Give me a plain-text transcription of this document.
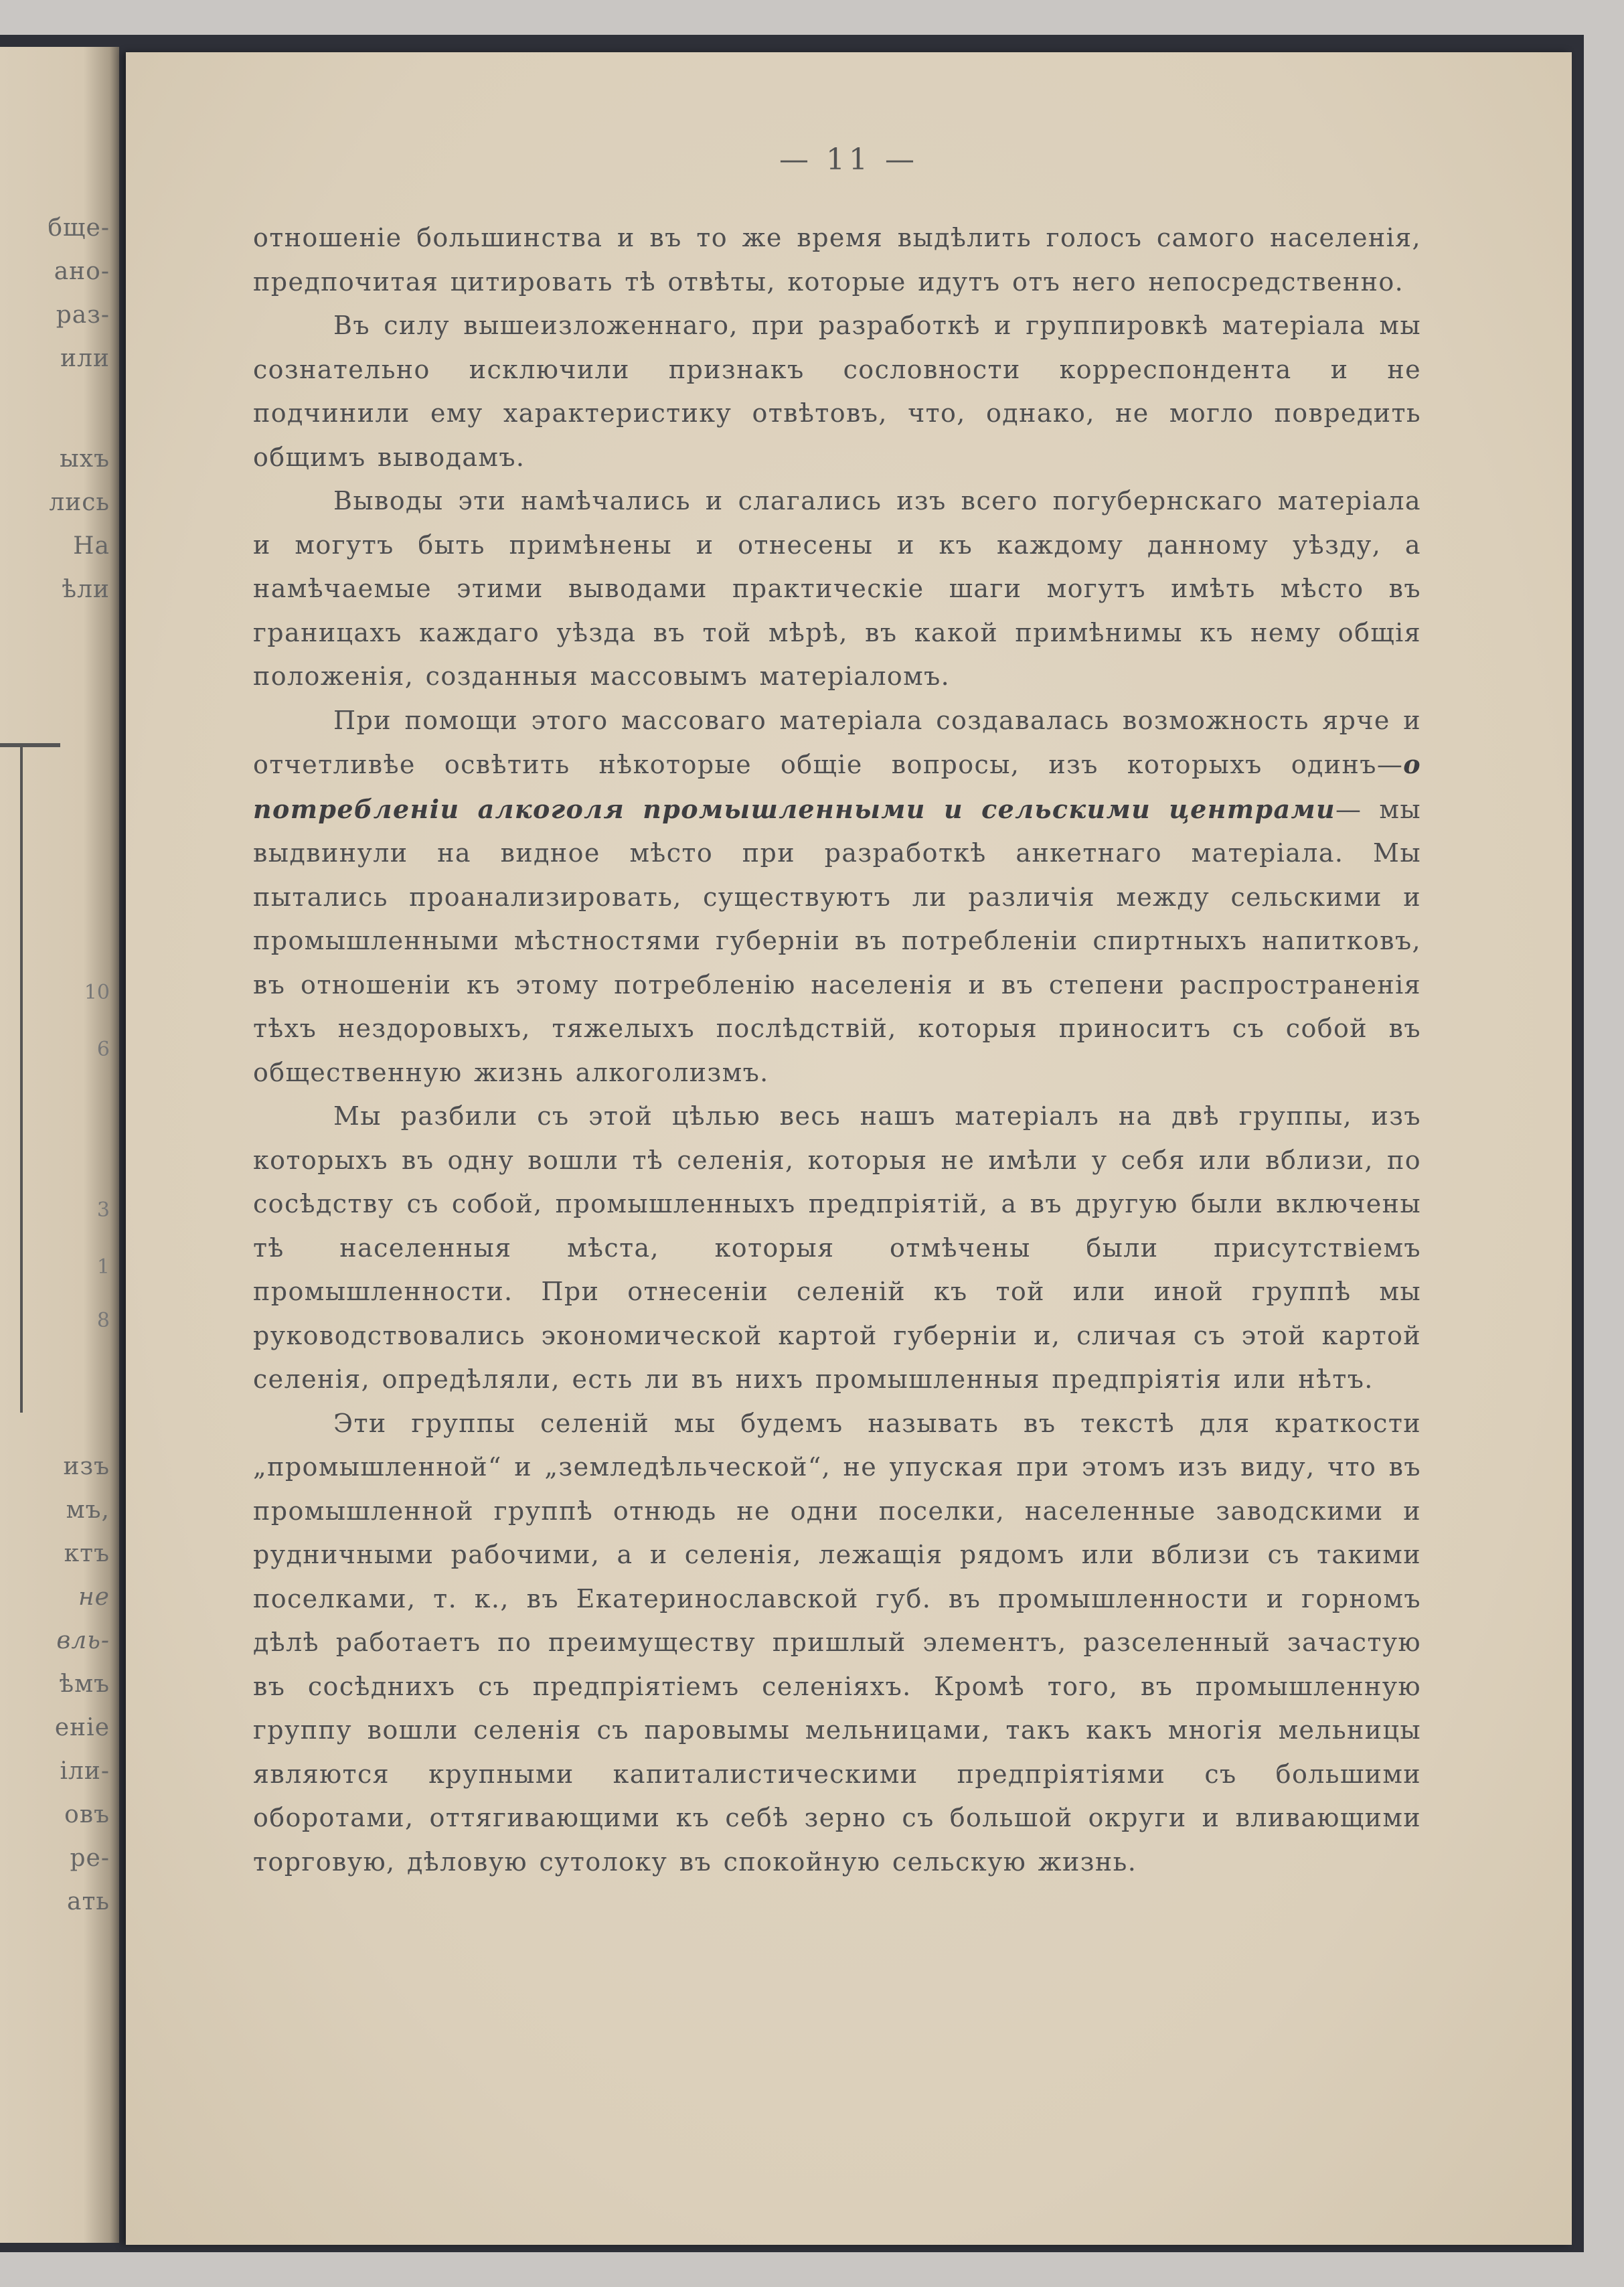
бще-
ано-
раз-
или
ыхъ
лись
На
ѣли
10
6
3
1
8
изъ
мъ,
ктъ
не
вль-
ѣмъ
еніе
іли-
овъ
ре-
ать
— 11 —

отношеніе большинства и въ то же время выдѣлить голосъ самого населенія, предпочитая цитировать тѣ отвѣты, которые идутъ отъ него непосредственно.

Въ силу вышеизложеннаго, при разработкѣ и группировкѣ матеріала мы сознательно исключили признакъ сословности корреспондента и не подчинили ему характеристику отвѣтовъ, что, однако, не могло повредить общимъ выводамъ.

Выводы эти намѣчались и слагались изъ всего погубернскаго матеріала и могутъ быть примѣнены и отнесены и къ каждому данному уѣзду, а намѣчаемые этими выводами практическіе шаги могутъ имѣть мѣсто въ границахъ каждаго уѣзда въ той мѣрѣ, въ какой примѣнимы къ нему общія положенія, созданныя массовымъ матеріаломъ.

При помощи этого массоваго матеріала создавалась возможность ярче и отчетливѣе освѣтить нѣкоторые общіе вопросы, изъ которыхъ одинъ—о потребленіи алкоголя промышленными и сельскими центрами— мы выдвинули на видное мѣсто при разработкѣ анкетнаго матеріала. Мы пытались проанализировать, существуютъ ли различія между сельскими и промышленными мѣстностями губерніи въ потребленіи спиртныхъ напитковъ, въ отношеніи къ этому потребленію населенія и въ степени распространенія тѣхъ нездоровыхъ, тяжелыхъ послѣдствій, которыя приноситъ съ собой въ общественную жизнь алкоголизмъ.

Мы разбили съ этой цѣлью весь нашъ матеріалъ на двѣ группы, изъ которыхъ въ одну вошли тѣ селенія, которыя не имѣли у себя или вблизи, по сосѣдству съ собой, промышленныхъ предпріятій, а въ другую были включены тѣ населенныя мѣста, которыя отмѣчены были присутствіемъ промышленности. При отнесеніи селеній къ той или иной группѣ мы руководствовались экономической картой губерніи и, сличая съ этой картой селенія, опредѣляли, есть ли въ нихъ промышленныя предпріятія или нѣтъ.

Эти группы селеній мы будемъ называть въ текстѣ для краткости „промышленной“ и „земледѣльческой“, не упуская при этомъ изъ виду, что въ промышленной группѣ отнюдь не одни поселки, населенные заводскими и рудничными рабочими, а и селенія, лежащія рядомъ или вблизи съ такими поселками, т. к., въ Екатеринославской губ. въ промышленности и горномъ дѣлѣ работаетъ по преимуществу пришлый элементъ, разселенный зачастую въ сосѣднихъ съ предпріятіемъ селеніяхъ. Кромѣ того, въ промышленную группу вошли селенія съ паровымы мельницами, такъ какъ многія мельницы являются крупными капиталистическими предпріятіями съ большими оборотами, оттягивающими къ себѣ зерно съ большой округи и вливающими торговую, дѣловую сутолоку въ спокойную сельскую жизнь.
